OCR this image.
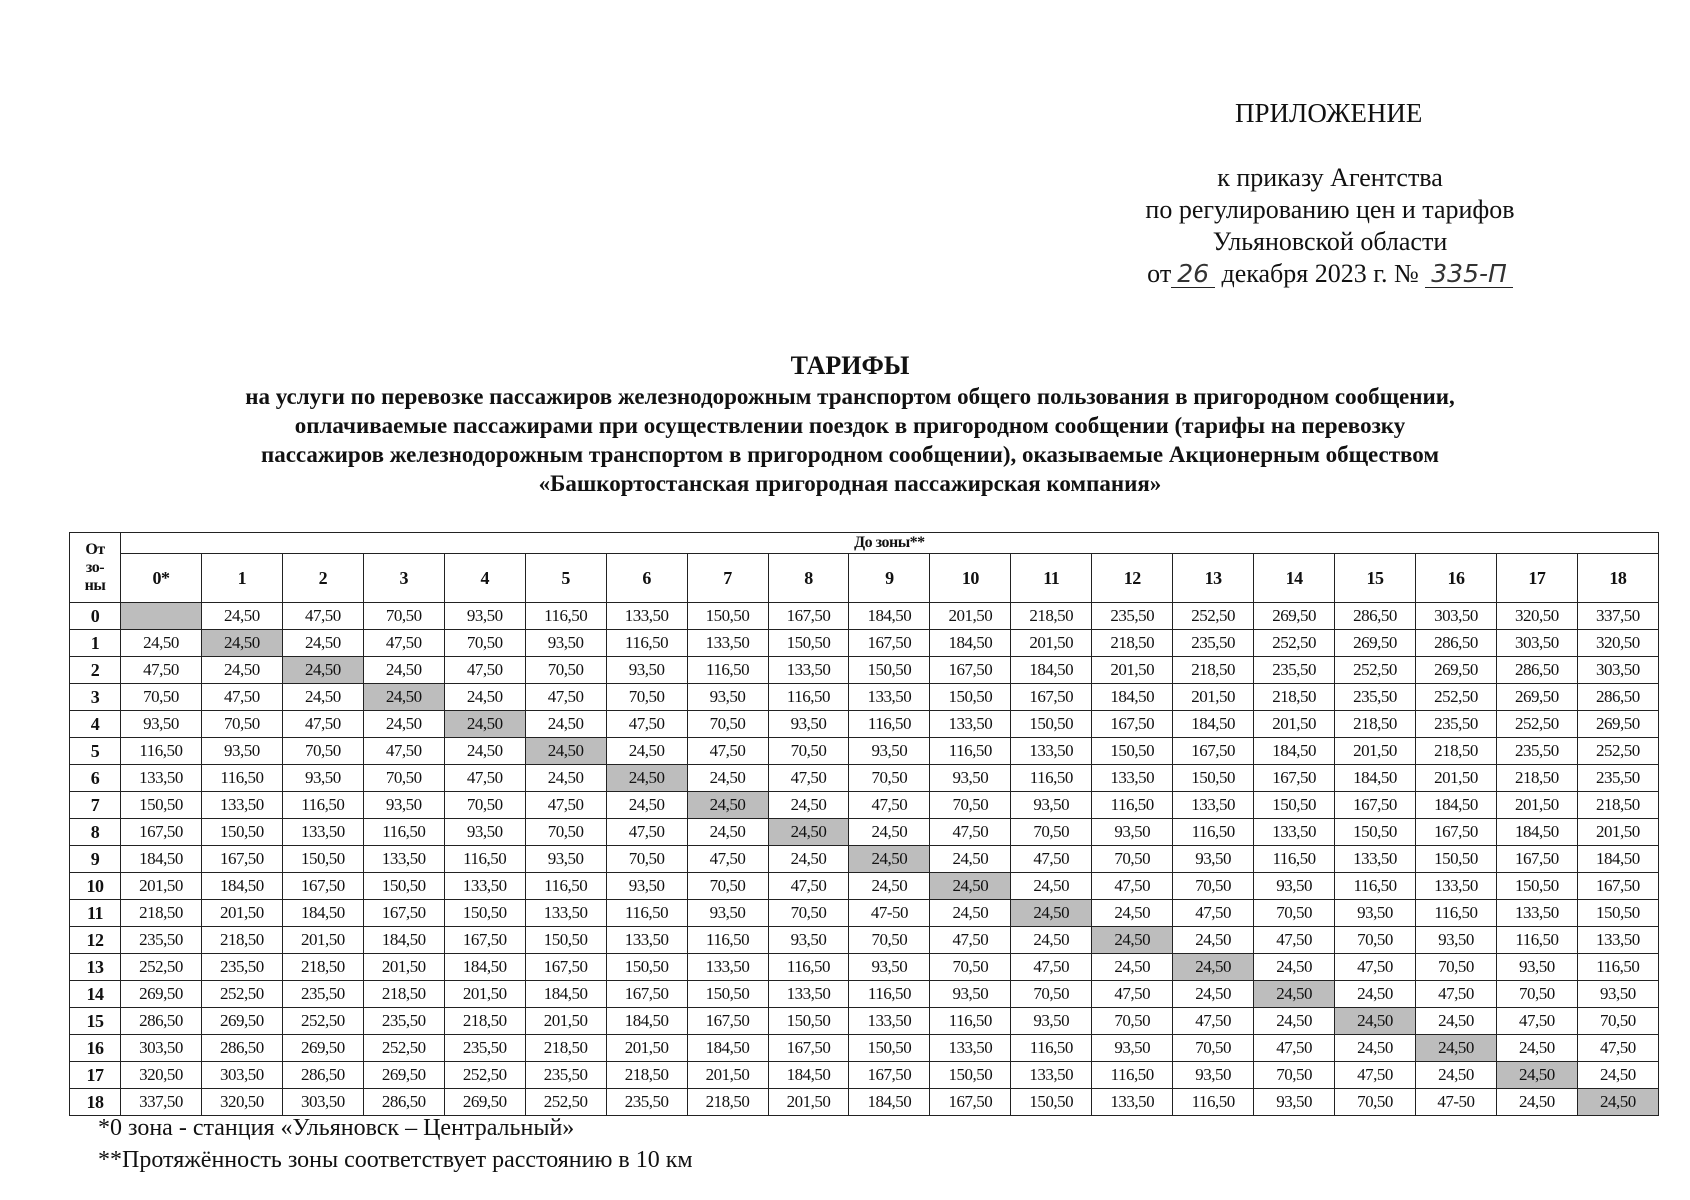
ПРИЛОЖЕНИЕ
к приказу Агентства
по регулированию цен и тарифов
Ульяновской области
от 26 декабря 2023 г. № 335-П
ТАРИФЫ
на услуги по перевозке пассажиров железнодорожным транспортом общего пользования в пригородном сообщении,
оплачиваемые пассажирами при осуществлении поездок в пригородном сообщении (тарифы на перевозку
пассажиров железнодорожным транспортом в пригородном сообщении), оказываемые Акционерным обществом
«Башкортостанская пригородная пассажирская компания»
От
зо-
ны	До зоны**																		
	0*	1	2	3	4	5	6	7	8	9	10	11	12	13	14	15	16	17	18
0		24,50	47,50	70,50	93,50	116,50	133,50	150,50	167,50	184,50	201,50	218,50	235,50	252,50	269,50	286,50	303,50	320,50	337,50
1	24,50	24,50	24,50	47,50	70,50	93,50	116,50	133,50	150,50	167,50	184,50	201,50	218,50	235,50	252,50	269,50	286,50	303,50	320,50
2	47,50	24,50	24,50	24,50	47,50	70,50	93,50	116,50	133,50	150,50	167,50	184,50	201,50	218,50	235,50	252,50	269,50	286,50	303,50
3	70,50	47,50	24,50	24,50	24,50	47,50	70,50	93,50	116,50	133,50	150,50	167,50	184,50	201,50	218,50	235,50	252,50	269,50	286,50
4	93,50	70,50	47,50	24,50	24,50	24,50	47,50	70,50	93,50	116,50	133,50	150,50	167,50	184,50	201,50	218,50	235,50	252,50	269,50
5	116,50	93,50	70,50	47,50	24,50	24,50	24,50	47,50	70,50	93,50	116,50	133,50	150,50	167,50	184,50	201,50	218,50	235,50	252,50
6	133,50	116,50	93,50	70,50	47,50	24,50	24,50	24,50	47,50	70,50	93,50	116,50	133,50	150,50	167,50	184,50	201,50	218,50	235,50
7	150,50	133,50	116,50	93,50	70,50	47,50	24,50	24,50	24,50	47,50	70,50	93,50	116,50	133,50	150,50	167,50	184,50	201,50	218,50
8	167,50	150,50	133,50	116,50	93,50	70,50	47,50	24,50	24,50	24,50	47,50	70,50	93,50	116,50	133,50	150,50	167,50	184,50	201,50
9	184,50	167,50	150,50	133,50	116,50	93,50	70,50	47,50	24,50	24,50	24,50	47,50	70,50	93,50	116,50	133,50	150,50	167,50	184,50
10	201,50	184,50	167,50	150,50	133,50	116,50	93,50	70,50	47,50	24,50	24,50	24,50	47,50	70,50	93,50	116,50	133,50	150,50	167,50
11	218,50	201,50	184,50	167,50	150,50	133,50	116,50	93,50	70,50	47-50	24,50	24,50	24,50	47,50	70,50	93,50	116,50	133,50	150,50
12	235,50	218,50	201,50	184,50	167,50	150,50	133,50	116,50	93,50	70,50	47,50	24,50	24,50	24,50	47,50	70,50	93,50	116,50	133,50
13	252,50	235,50	218,50	201,50	184,50	167,50	150,50	133,50	116,50	93,50	70,50	47,50	24,50	24,50	24,50	47,50	70,50	93,50	116,50
14	269,50	252,50	235,50	218,50	201,50	184,50	167,50	150,50	133,50	116,50	93,50	70,50	47,50	24,50	24,50	24,50	47,50	70,50	93,50
15	286,50	269,50	252,50	235,50	218,50	201,50	184,50	167,50	150,50	133,50	116,50	93,50	70,50	47,50	24,50	24,50	24,50	47,50	70,50
16	303,50	286,50	269,50	252,50	235,50	218,50	201,50	184,50	167,50	150,50	133,50	116,50	93,50	70,50	47,50	24,50	24,50	24,50	47,50
17	320,50	303,50	286,50	269,50	252,50	235,50	218,50	201,50	184,50	167,50	150,50	133,50	116,50	93,50	70,50	47,50	24,50	24,50	24,50
18	337,50	320,50	303,50	286,50	269,50	252,50	235,50	218,50	201,50	184,50	167,50	150,50	133,50	116,50	93,50	70,50	47-50	24,50	24,50
*0 зона - станция «Ульяновск – Центральный»
**Протяжённость зоны соответствует расстоянию в 10 км
